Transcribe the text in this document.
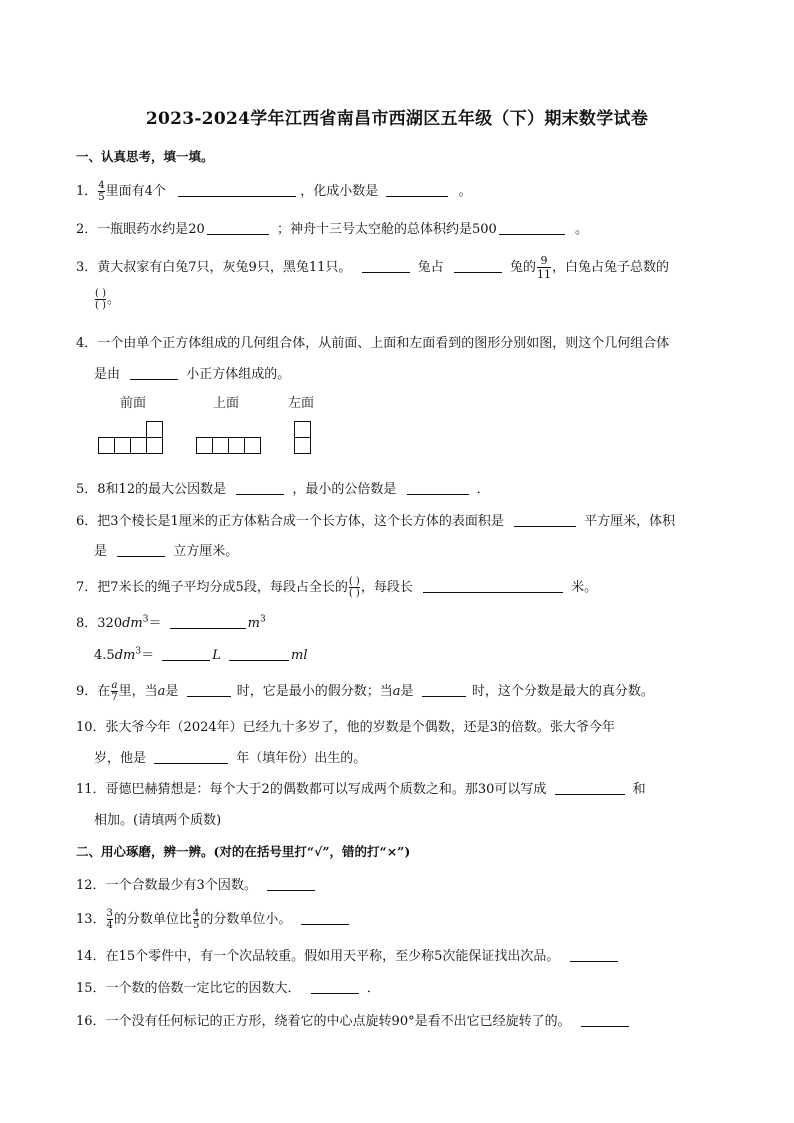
2023-2024学年江西省南昌市西湖区五年级（下）期末数学试卷
一、认真思考，填一填。
1． $\frac{4}{5}$ 里面有4个	，化成小数是	。
2．一瓶眼药水约是20	；神舟十三号太空舱的总体积约是500	。
3．黄大叔家有白兔7只，灰兔9只，黑兔11只。	兔占	兔的 $\frac{9}{11}$ ，白兔占兔子总数的
$\frac{( )}{( )}$ 。
4．一个由单个正方体组成的几何组合体，从前面、上面和左面看到的图形分别如图，则这个几何组合体
是由	小正方体组成的。
前面	上面	左面
5．8和12的最大公因数是	，最小的公倍数是	．
6．把3个棱长是1厘米的正方体粘合成一个长方体，这个长方体的表面积是	平方厘米，体积
是	立方厘米。
7．把7米长的绳子平均分成5段，每段占全长的 $\frac{( )}{( )}$ ，每段长	米。
8．$320dm^3=$	$m^3$
$4.5dm^3=$	L	ml
9．在 $\frac{a}{7}$ 里，当a是	时，它是最小的假分数；当a是	时，这个分数是最大的真分数。
10．张大爷今年（2024年）已经九十多岁了，他的岁数是个偶数，还是3的倍数。张大爷今年
岁，他是	年（填年份）出生的。
11．哥德巴赫猜想是：每个大于2的偶数都可以写成两个质数之和。那30可以写成	和
相加。(请填两个质数)
二、用心琢磨，辨一辨。(对的在括号里打“√”，错的打“×”)
12．一个合数最少有3个因数。
13． $\frac{3}{4}$ 的分数单位比 $\frac{4}{5}$ 的分数单位小。
14．在15个零件中，有一个次品较重。假如用天平称，至少称5次能保证找出次品。
15．一个数的倍数一定比它的因数大．	．
16．一个没有任何标记的正方形，绕着它的中心点旋转90°是看不出它已经旋转了的。
